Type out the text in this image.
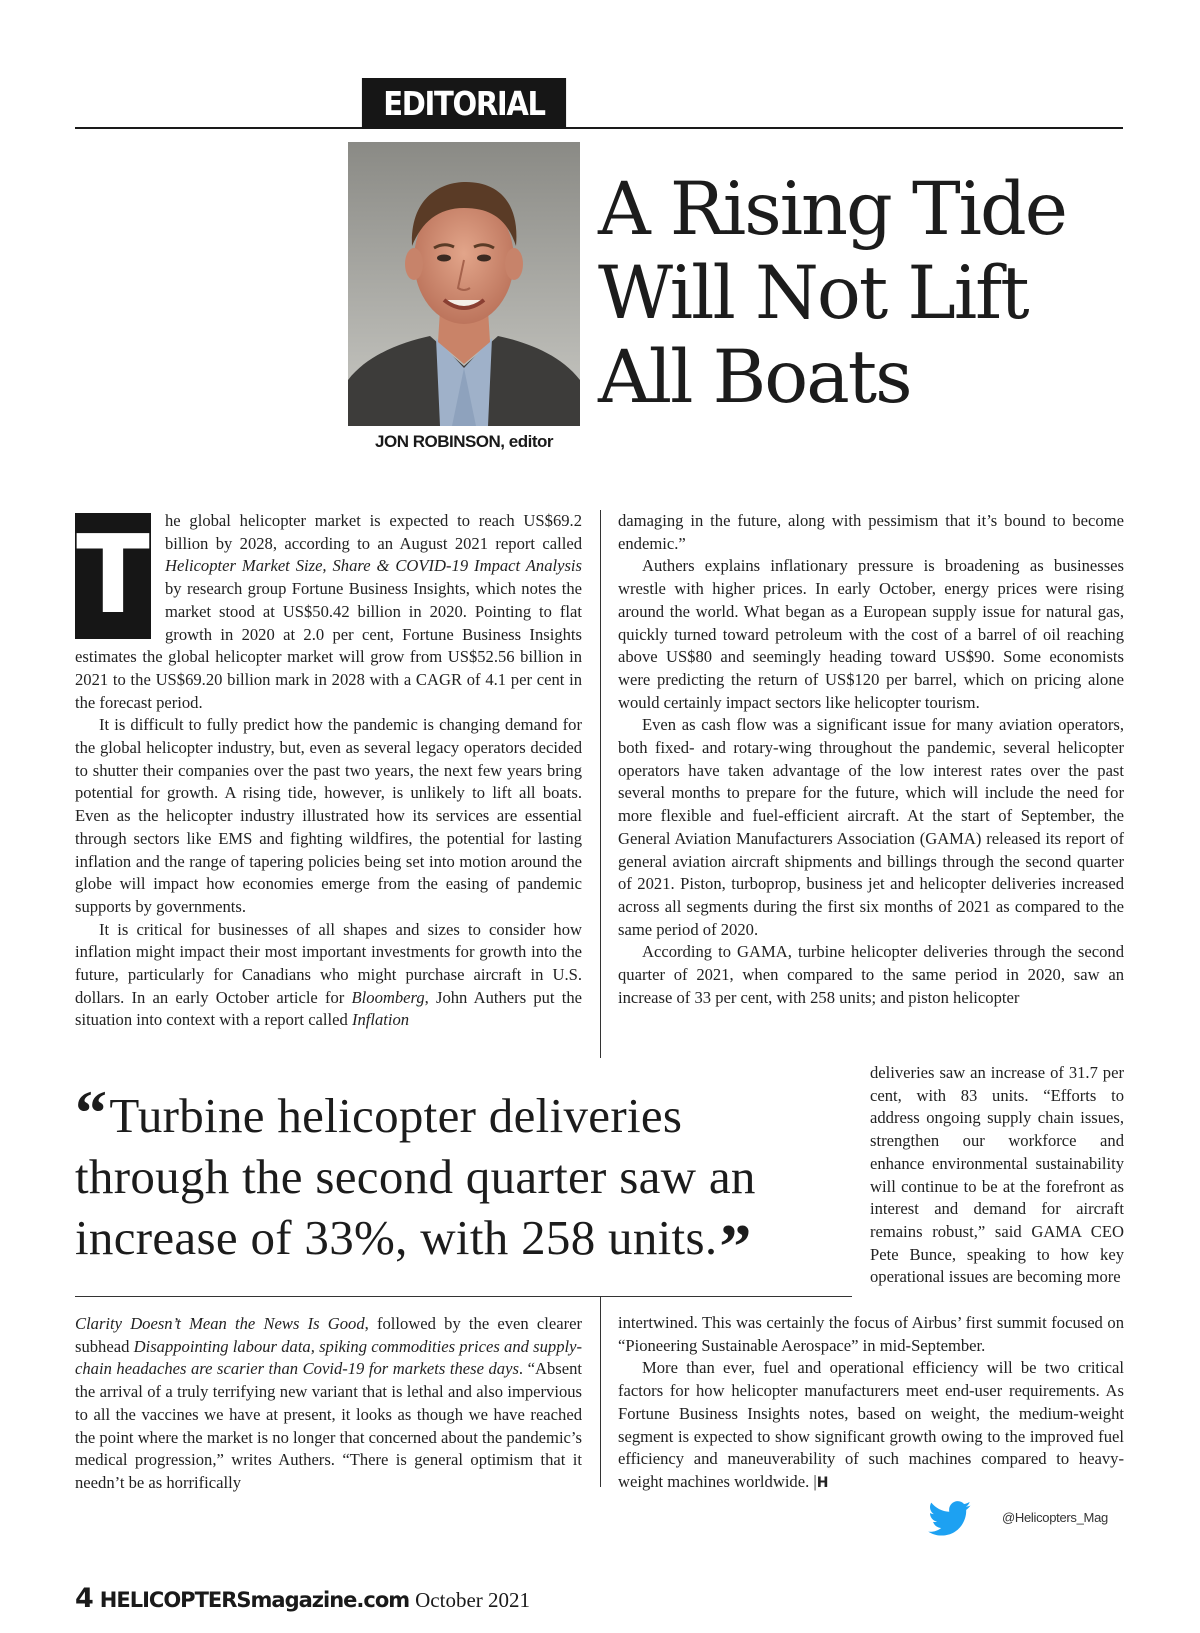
EDITORIAL
JON ROBINSON, editor
A Rising Tide
Will Not Lift
All Boats

T he global helicopter market is expected to reach US$69.2 billion by 2028, according to an August 2021 report called Helicopter Market Size, Share & COVID-19 Impact Analysis by research group Fortune Business Insights, which notes the market stood at US$50.42 billion in 2020. Pointing to flat growth in 2020 at 2.0 per cent, Fortune Business Insights estimates the global helicopter market will grow from US$52.56 billion in 2021 to the US$69.20 billion mark in 2028 with a CAGR of 4.1 per cent in the forecast period.

It is difficult to fully predict how the pandemic is changing demand for the global helicopter industry, but, even as several legacy operators decided to shutter their companies over the past two years, the next few years bring potential for growth. A rising tide, however, is unlikely to lift all boats. Even as the helicopter industry illustrated how its services are essential through sectors like EMS and fighting wildfires, the potential for lasting inflation and the range of tapering policies being set into motion around the globe will impact how economies emerge from the easing of pandemic supports by governments.

It is critical for businesses of all shapes and sizes to consider how inflation might impact their most important investments for growth into the future, particularly for Canadians who might purchase aircraft in U.S. dollars. In an early October article for Bloomberg, John Authers put the situation into context with a report called Inflation

damaging in the future, along with pessimism that it’s bound to become endemic.”

Authers explains inflationary pressure is broadening as businesses wrestle with higher prices. In early October, energy prices were rising around the world. What began as a European supply issue for natural gas, quickly turned toward petroleum with the cost of a barrel of oil reaching above US$80 and seemingly heading toward US$90. Some economists were predicting the return of US$120 per barrel, which on pricing alone would certainly impact sectors like helicopter tourism.

Even as cash flow was a significant issue for many aviation operators, both fixed- and rotary-wing throughout the pandemic, several helicopter operators have taken advantage of the low interest rates over the past several months to prepare for the future, which will include the need for more flexible and fuel-efficient aircraft. At the start of September, the General Aviation Manufacturers Association (GAMA) released its report of general aviation aircraft shipments and billings through the second quarter of 2021. Piston, turboprop, business jet and helicopter deliveries increased across all segments during the first six months of 2021 as compared to the same period of 2020.

According to GAMA, turbine helicopter deliveries through the second quarter of 2021, when compared to the same period in 2020, saw an increase of 33 per cent, with 258 units; and piston helicopter

deliveries saw an increase of 31.7 per cent, with 83 units. “Efforts to address ongoing supply chain issues, strengthen our workforce and enhance environmental sustainability will continue to be at the forefront as interest and demand for aircraft remains robust,” said GAMA CEO Pete Bunce, speaking to how key operational issues are becoming more

“Turbine helicopter deliveries through the second quarter saw an increase of 33%, with 258 units.”

Clarity Doesn’t Mean the News Is Good, followed by the even clearer subhead Disappointing labour data, spiking commodities prices and supply-chain headaches are scarier than Covid-19 for markets these days. “Absent the arrival of a truly terrifying new variant that is lethal and also impervious to all the vaccines we have at present, it looks as though we have reached the point where the market is no longer that concerned about the pandemic’s medical progression,” writes Authers. “There is general optimism that it needn’t be as horrifically

intertwined. This was certainly the focus of Airbus’ first summit focused on “Pioneering Sustainable Aerospace” in mid-September.

More than ever, fuel and operational efficiency will be two critical factors for how helicopter manufacturers meet end-user requirements. As Fortune Business Insights notes, based on weight, the medium-weight segment is expected to show significant growth owing to the improved fuel efficiency and maneuverability of such machines compared to heavy-weight machines worldwide. |H

@Helicopters_Mag
4 HELICOPTERSmagazine.com October 2021
